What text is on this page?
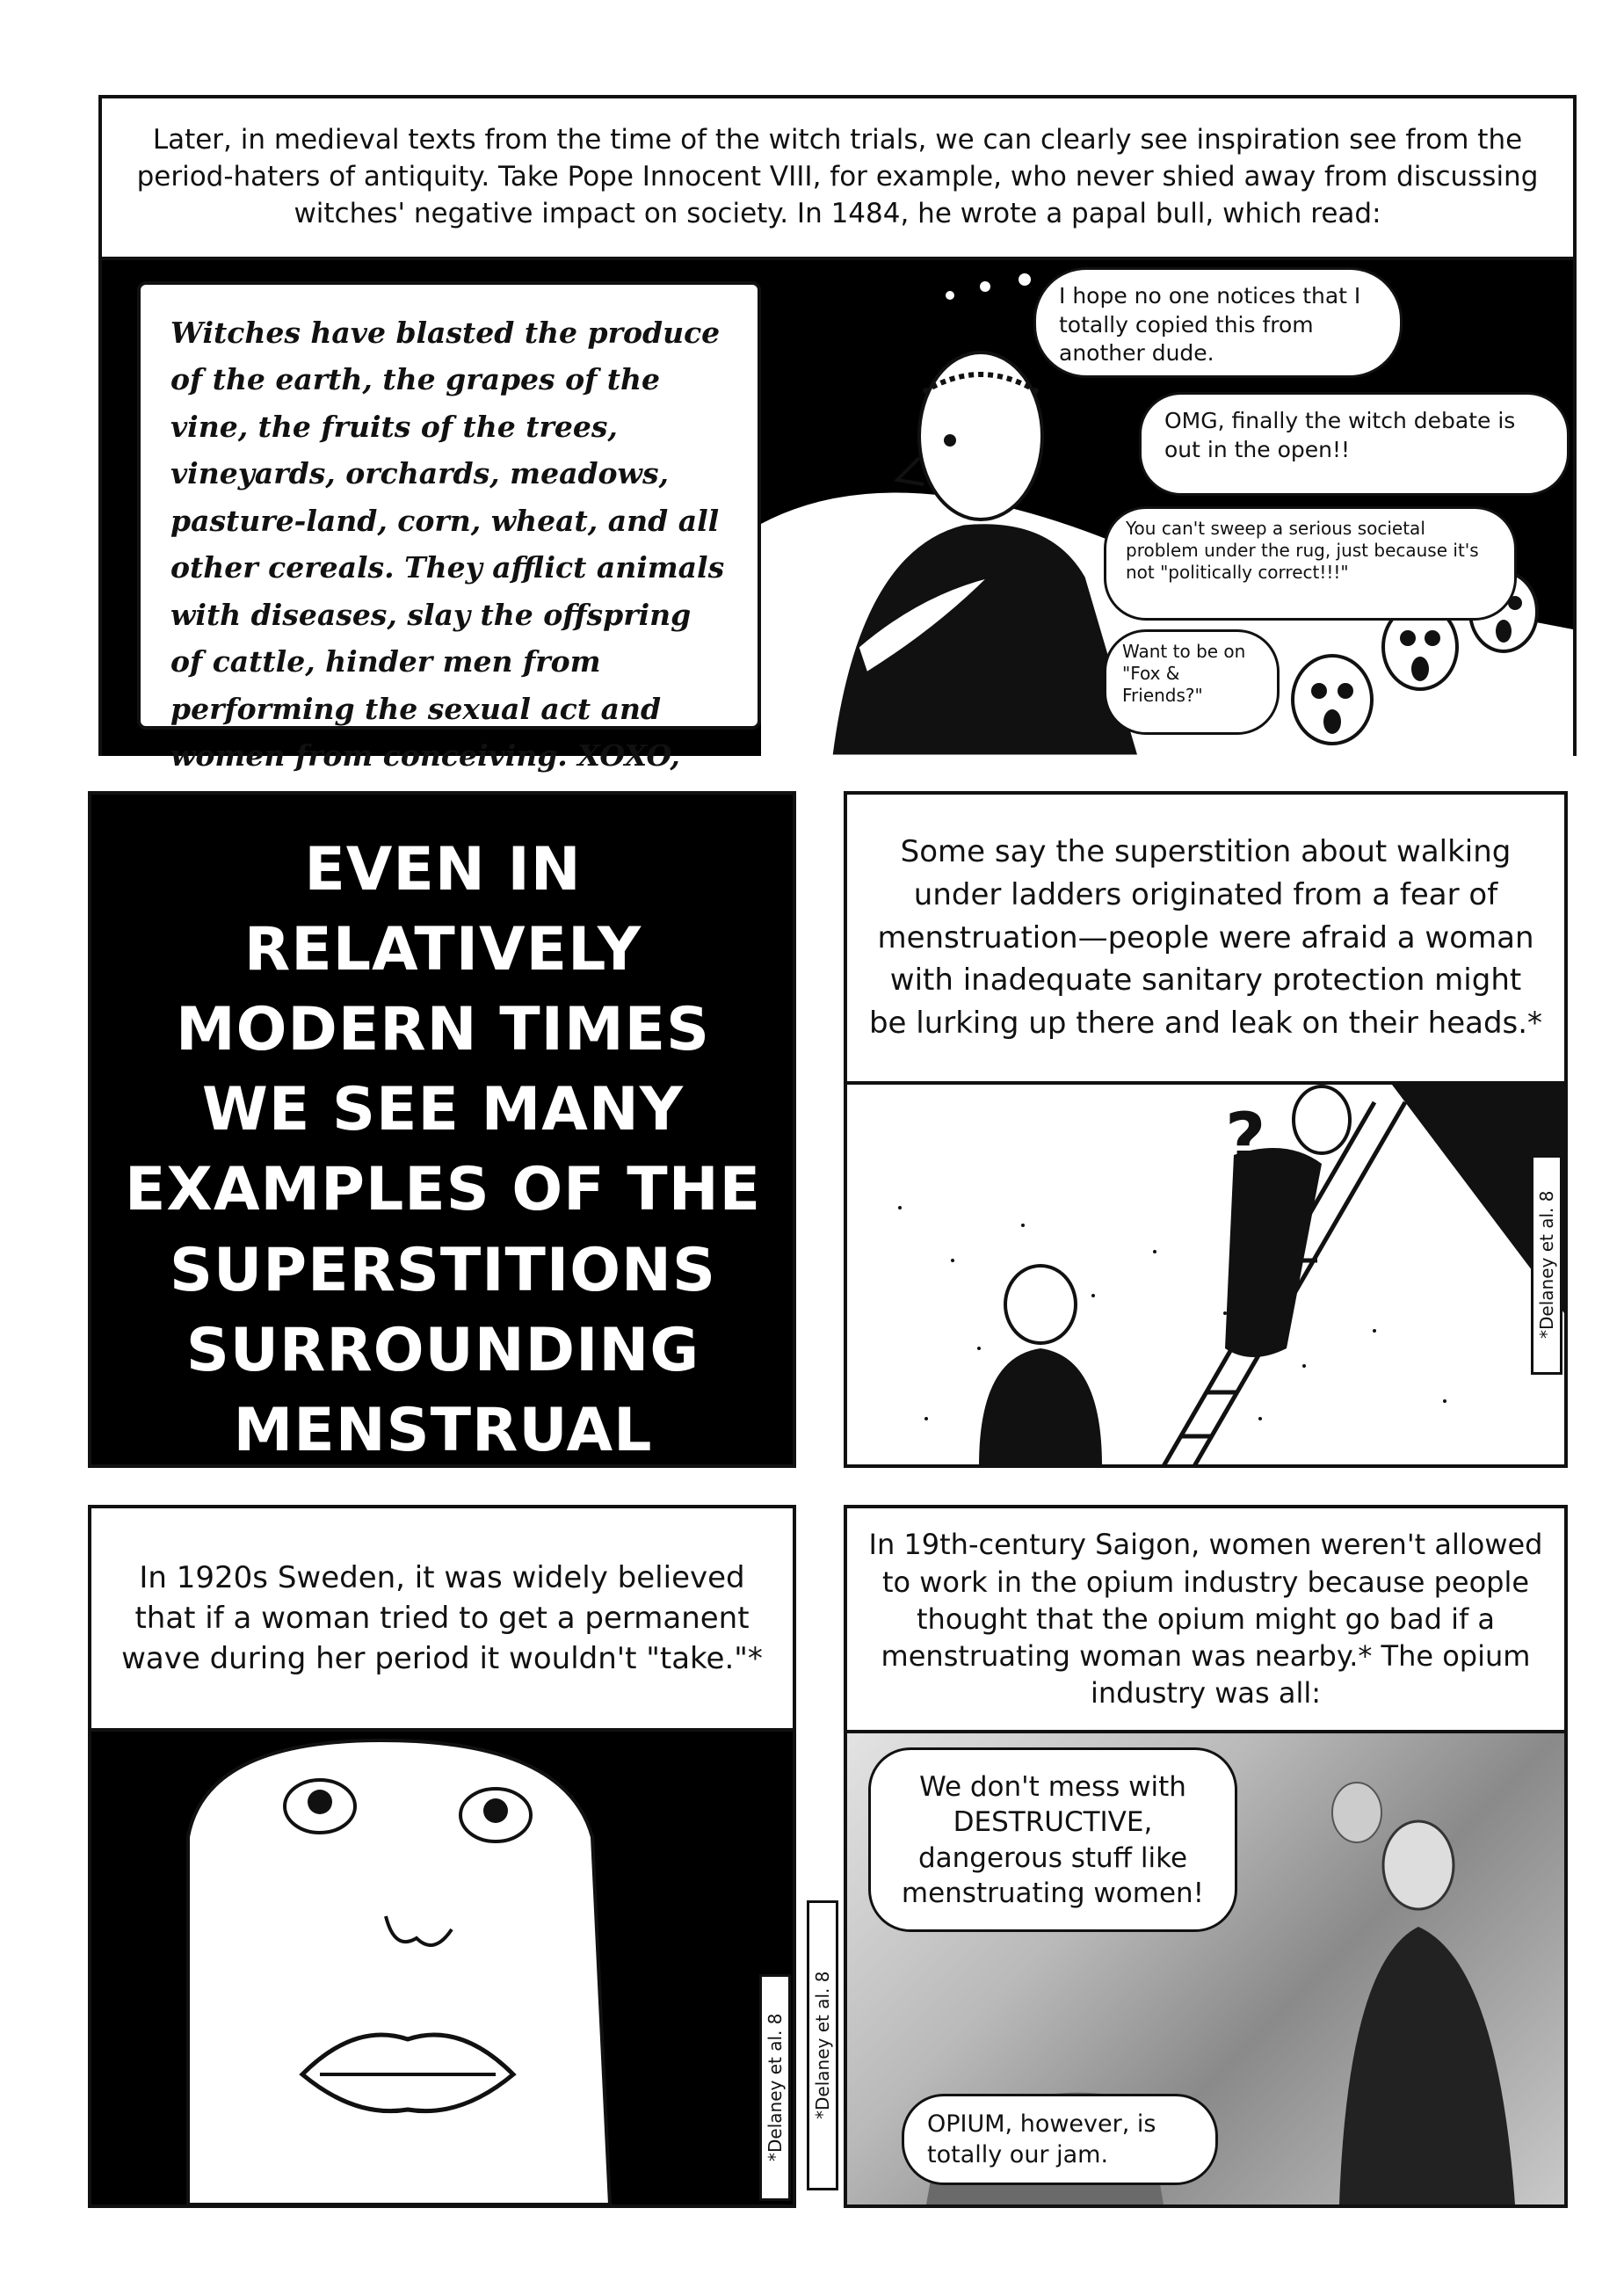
Later, in medieval texts from the time of the witch trials, we can clearly see inspiration see from the period-haters of antiquity. Take Pope Innocent VIII, for example, who never shied away from discussing witches' negative impact on society. In 1484, he wrote a papal bull, which read:
Witches have blasted the produce of the earth, the grapes of the vine, the fruits of the trees, vineyards, orchards, meadows, pasture-land, corn, wheat, and all other cereals. They afflict animals with diseases, slay the offspring of cattle, hinder men from performing the sexual act and women from conceiving. XOXO,
I hope no one notices that I totally copied this from another dude.
OMG, finally the witch debate is out in the open!!
You can't sweep a serious societal problem under the rug, just because it's not "politically correct!!!"
Want to be on "Fox & Friends?"
EVEN IN RELATIVELY MODERN TIMES WE SEE MANY EXAMPLES OF THE SUPERSTITIONS SURROUNDING MENSTRUAL
Some say the superstition about walking under ladders originated from a fear of menstruation—people were afraid a woman with inadequate sanitary protection might be lurking up there and leak on their heads.*
?
*Delaney et al. 8
In 1920s Sweden, it was widely believed that if a woman tried to get a permanent wave during her period it wouldn't "take."*
*Delaney et al. 8
In 19th-century Saigon, women weren't allowed to work in the opium industry because people thought that the opium might go bad if a menstruating woman was nearby.* The opium industry was all:
We don't mess with DESTRUCTIVE, dangerous stuff like menstruating women!
OPIUM, however, is totally our jam.
*Delaney et al. 8
